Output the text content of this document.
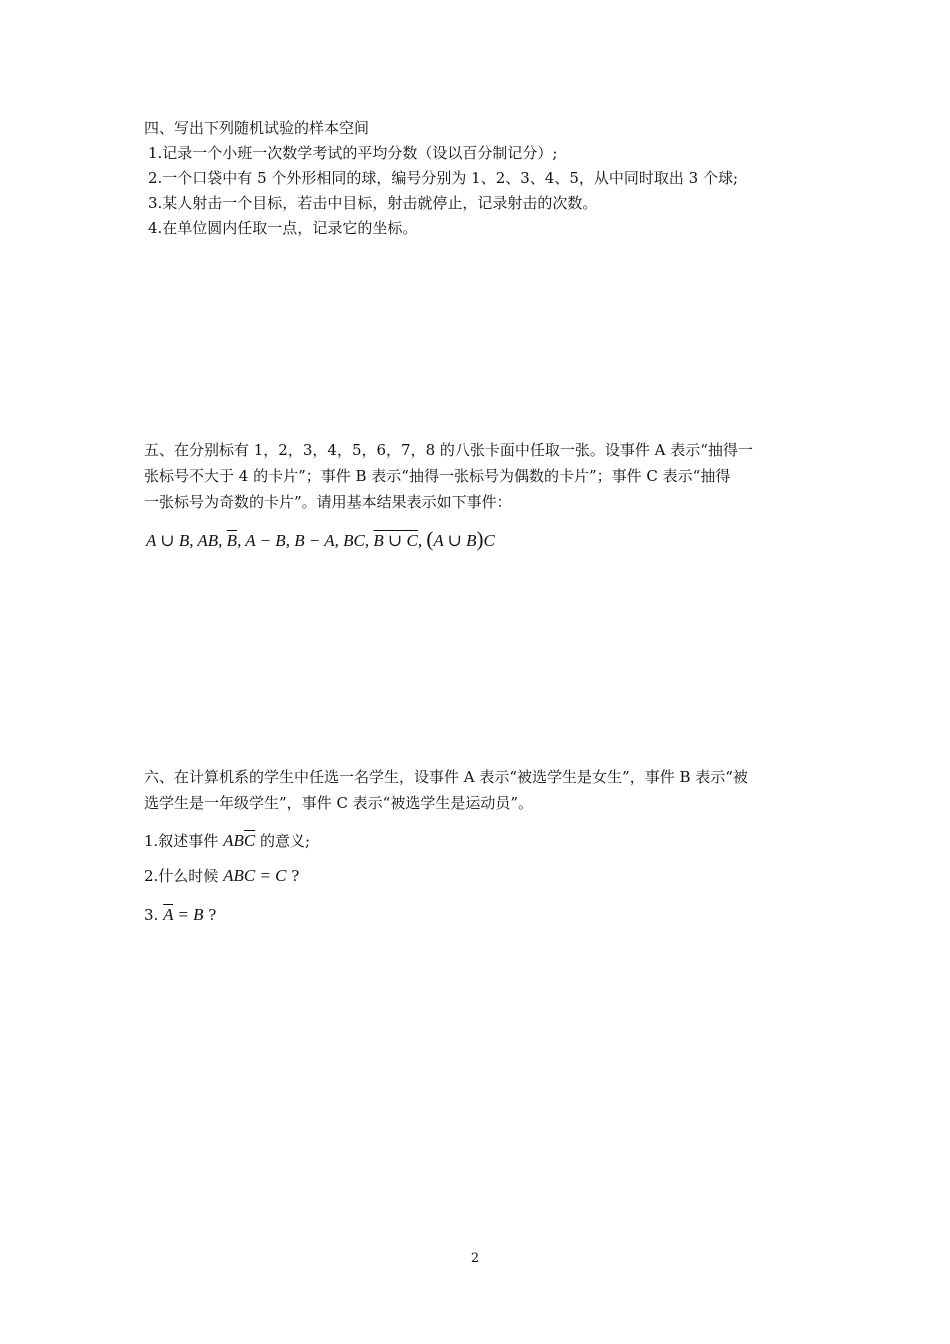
四、写出下列随机试验的样本空间
1.记录一个小班一次数学考试的平均分数（设以百分制记分）;
2.一个口袋中有 5 个外形相同的球，编号分别为 1、2、3、4、5，从中同时取出 3 个球;
3.某人射击一个目标，若击中目标，射击就停止，记录射击的次数。
4.在单位圆内任取一点，记录它的坐标。
五、在分别标有 1，2，3，4，5，6，7，8 的八张卡面中任取一张。设事件 A 表示“抽得一
张标号不大于 4 的卡片”；事件 B 表示“抽得一张标号为偶数的卡片”；事件 C 表示“抽得
一张标号为奇数的卡片”。请用基本结果表示如下事件：
A ∪ B, AB, $\overline{B}$, A − B, B − A, BC, B ∪ C, (A ∪ B)C
六、在计算机系的学生中任选一名学生，设事件 A 表示“被选学生是女生”，事件 B 表示“被
选学生是一年级学生”，事件 C 表示“被选学生是运动员”。
1.叙述事件 $AB\overline{C}$ 的意义;
2.什么时候 ABC = C ?
3. $\overline{A} = B$ ?
2
